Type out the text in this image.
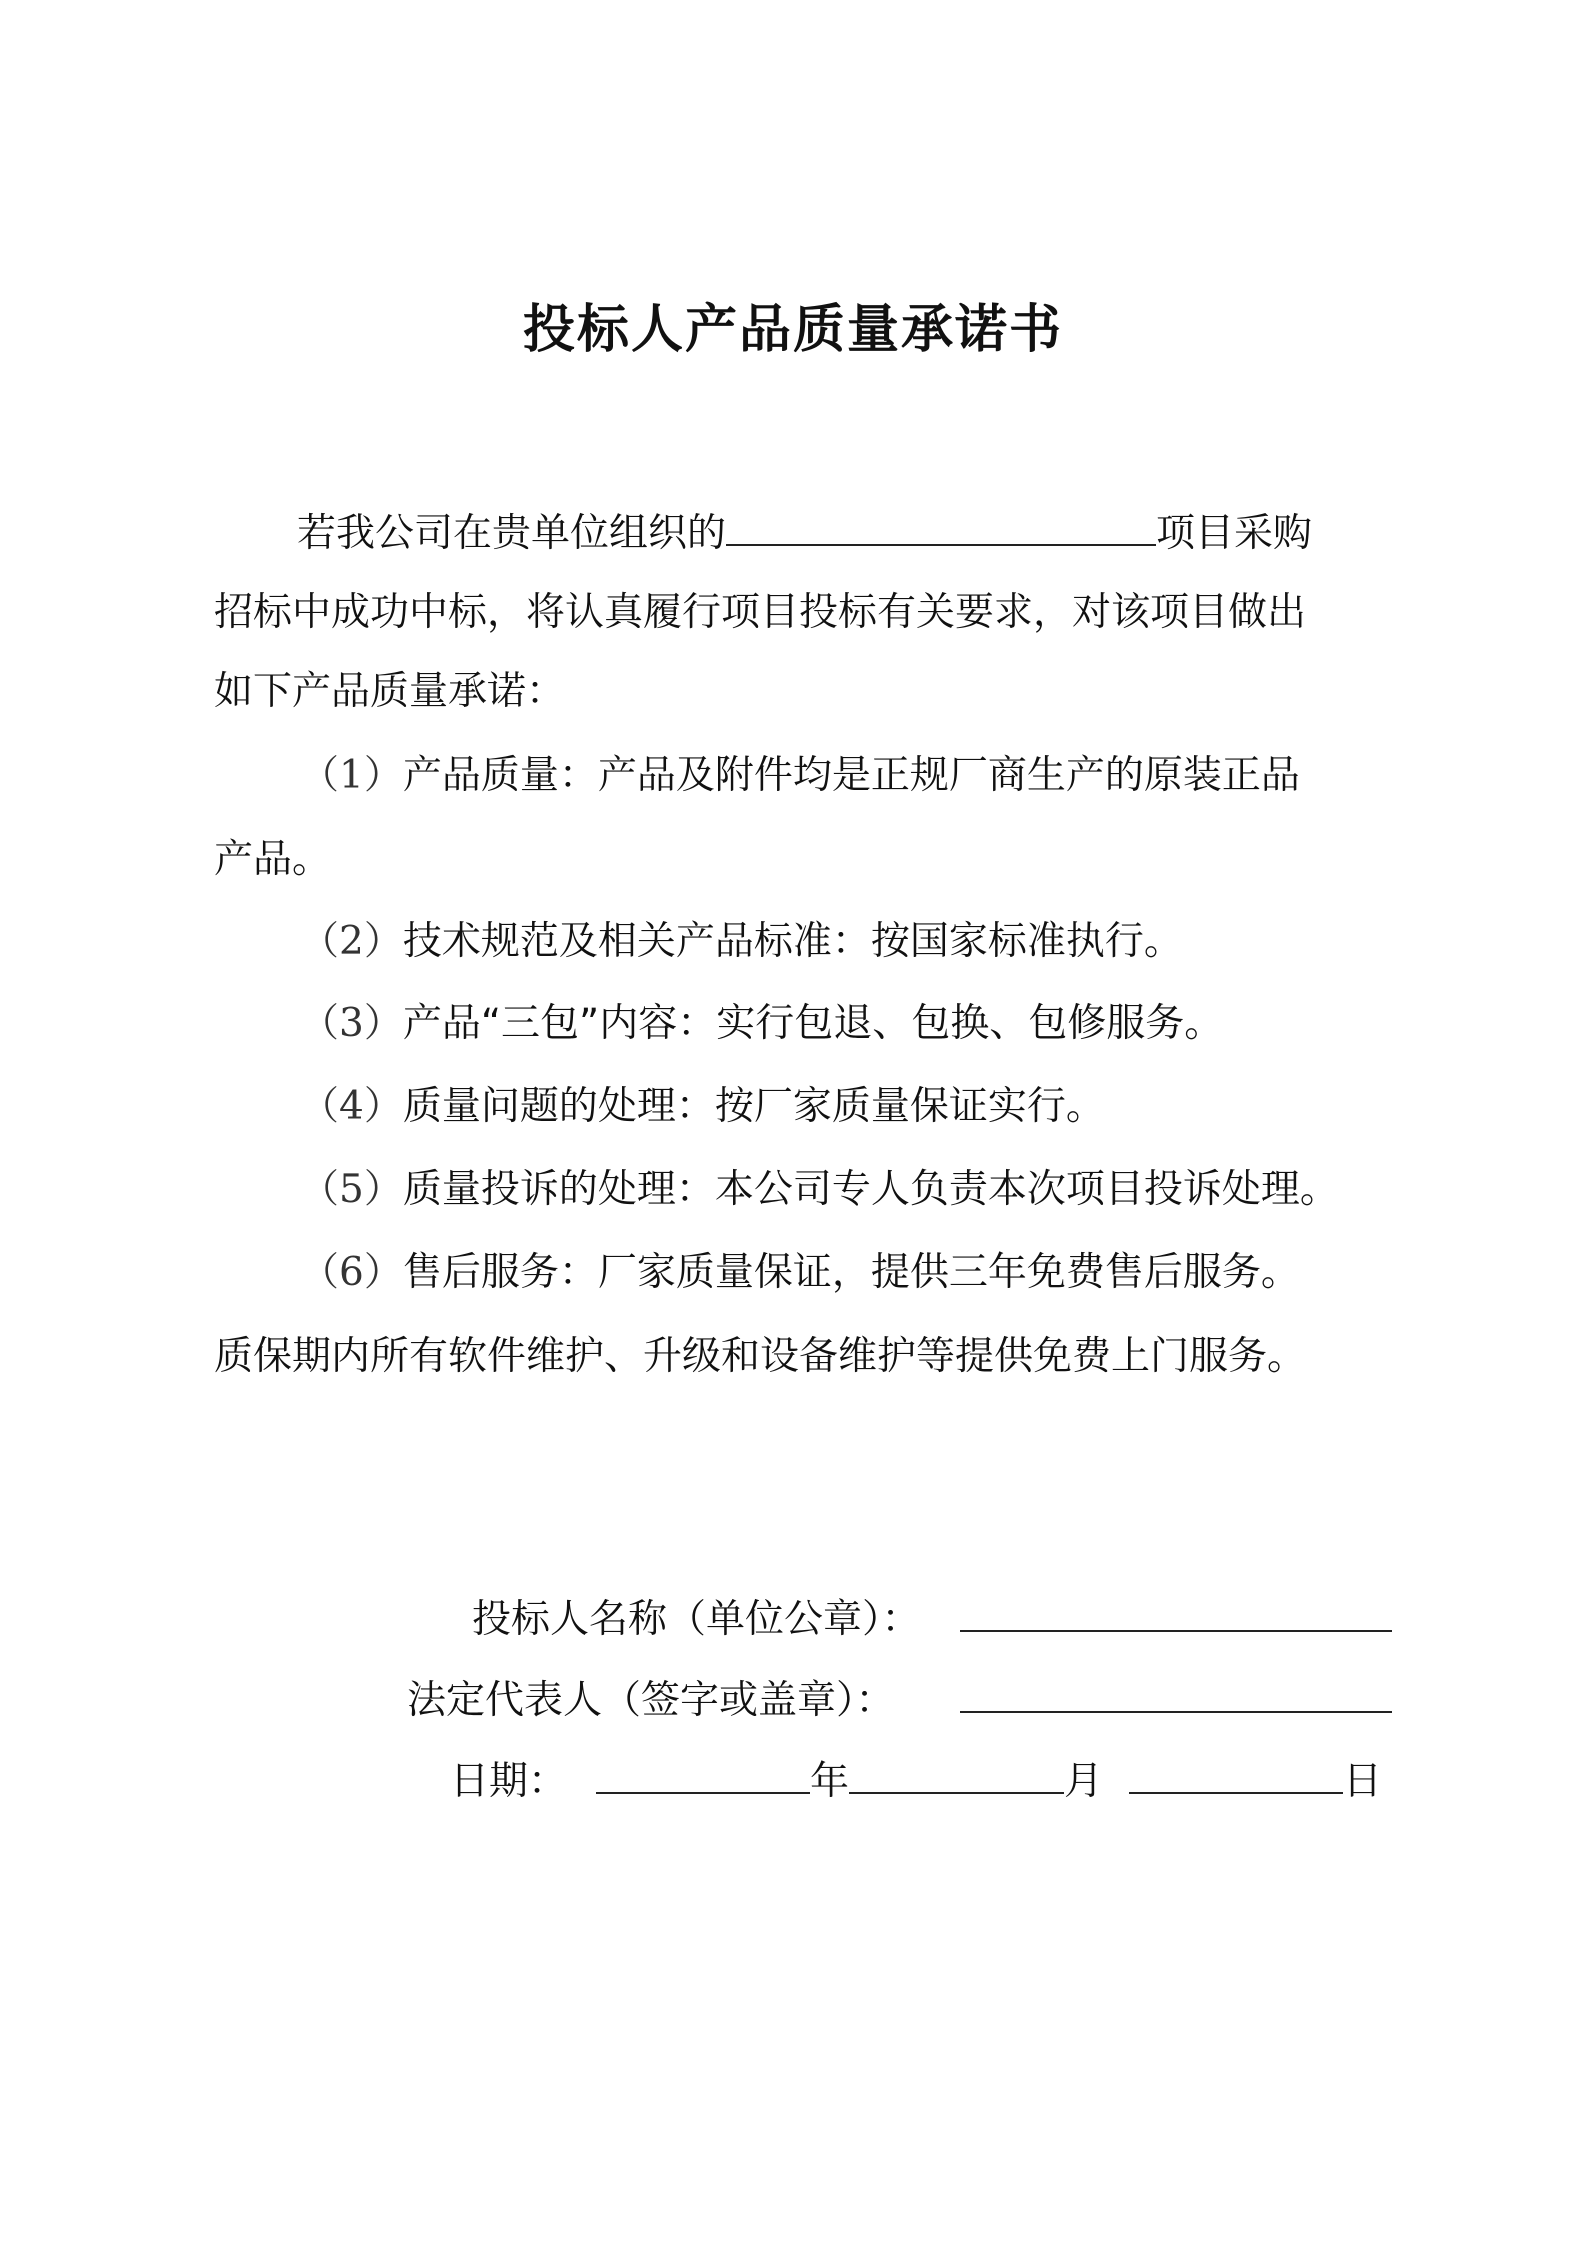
投标人产品质量承诺书
若我公司在贵单位组织的	项目采购
招标中成功中标，将认真履行项目投标有关要求，对该项目做出
如下产品质量承诺：
（1）产品质量：产品及附件均是正规厂商生产的原装正品
产品。
（2）技术规范及相关产品标准：按国家标准执行。
（3）产品“三包”内容：实行包退、包换、包修服务。
（4）质量问题的处理：按厂家质量保证实行。
（5）质量投诉的处理：本公司专人负责本次项目投诉处理。
（6）售后服务：厂家质量保证，提供三年免费售后服务。
质保期内所有软件维护、升级和设备维护等提供免费上门服务。
投标人名称（单位公章）：
法定代表人（签字或盖章）：
日期：	年	月	日
